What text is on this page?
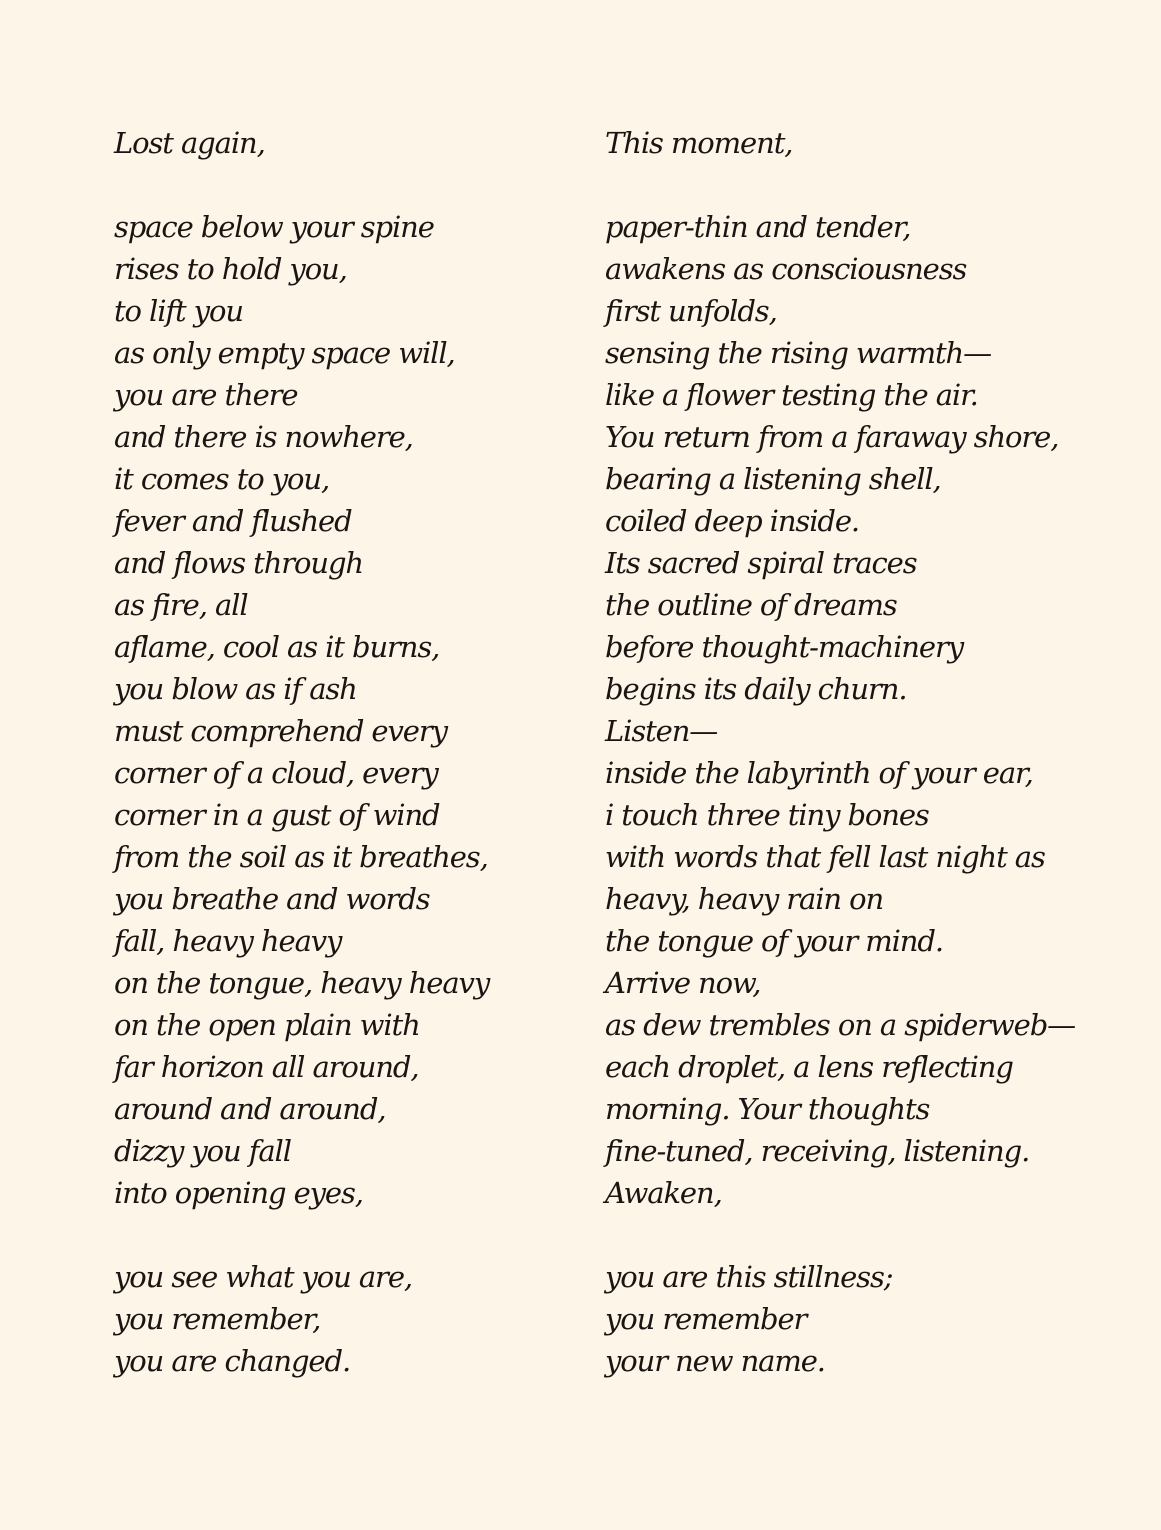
Lost again,
space below your spine
rises to hold you,
to lift you
as only empty space will,
you are there
and there is nowhere,
it comes to you,
fever and flushed
and flows through
as fire, all
aflame, cool as it burns,
you blow as if ash
must comprehend every
corner of a cloud, every
corner in a gust of wind
from the soil as it breathes,
you breathe and words
fall, heavy heavy
on the tongue, heavy heavy
on the open plain with
far horizon all around,
around and around,
dizzy you fall
into opening eyes,
you see what you are,
you remember,
you are changed.
This moment,
paper-thin and tender,
awakens as consciousness
first unfolds,
sensing the rising warmth—
like a flower testing the air.
You return from a faraway shore,
bearing a listening shell,
coiled deep inside.
Its sacred spiral traces
the outline of dreams
before thought-machinery
begins its daily churn.
Listen—
inside the labyrinth of your ear,
i touch three tiny bones
with words that fell last night as
heavy, heavy rain on
the tongue of your mind.
Arrive now,
as dew trembles on a spiderweb—
each droplet, a lens reflecting
morning. Your thoughts
fine-tuned, receiving, listening.
Awaken,
you are this stillness;
you remember
your new name.
